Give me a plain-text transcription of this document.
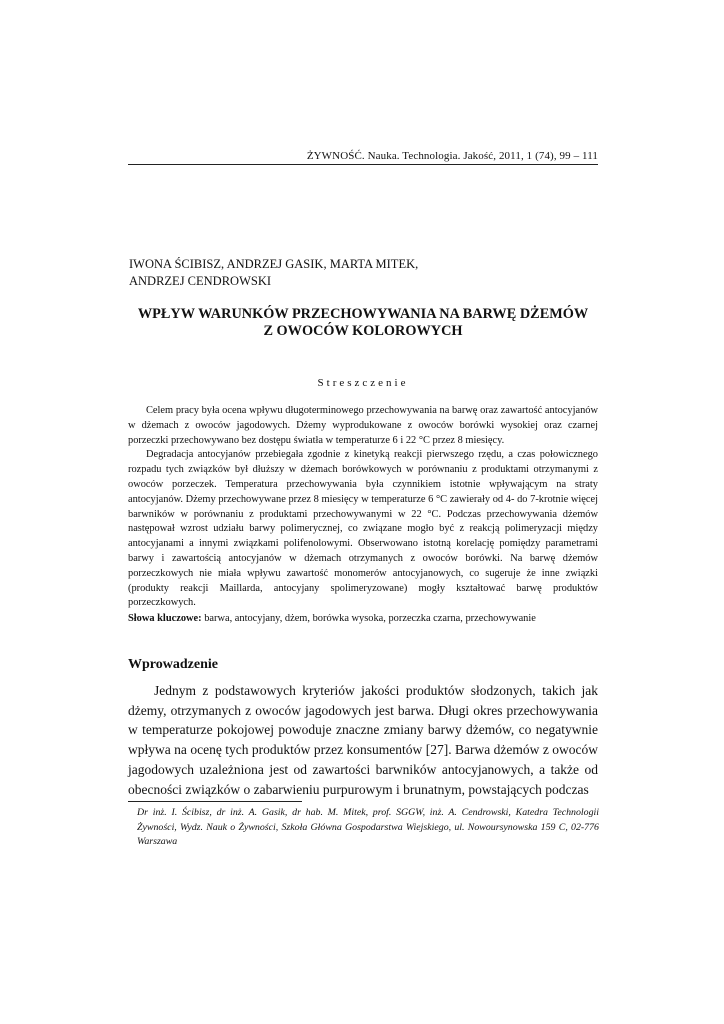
ŻYWNOŚĆ. Nauka. Technologia. Jakość, 2011, 1 (74), 99 – 111
IWONA ŚCIBISZ, ANDRZEJ GASIK, MARTA MITEK,
ANDRZEJ CENDROWSKI
WPŁYW WARUNKÓW PRZECHOWYWANIA NA BARWĘ DŻEMÓW
Z OWOCÓW KOLOROWYCH
Streszczenie

Celem pracy była ocena wpływu długoterminowego przechowywania na barwę oraz zawartość antocyjanów w dżemach z owoców jagodowych. Dżemy wyprodukowane z owoców borówki wysokiej oraz czarnej porzeczki przechowywano bez dostępu światła w temperaturze 6 i 22 °C przez 8 miesięcy.

Degradacja antocyjanów przebiegała zgodnie z kinetyką reakcji pierwszego rzędu, a czas połowicznego rozpadu tych związków był dłuższy w dżemach borówkowych w porównaniu z produktami otrzymanymi z owoców porzeczek. Temperatura przechowywania była czynnikiem istotnie wpływającym na straty antocyjanów. Dżemy przechowywane przez 8 miesięcy w temperaturze 6 °C zawierały od 4- do 7-krotnie więcej barwników w porównaniu z produktami przechowywanymi w 22 °C. Podczas przechowywania dżemów następował wzrost udziału barwy polimerycznej, co związane mogło być z reakcją polimeryzacji między antocyjanami a innymi związkami polifenolowymi. Obserwowano istotną korelację pomiędzy parametrami barwy i zawartością antocyjanów w dżemach otrzymanych z owoców borówki. Na barwę dżemów porzeczkowych nie miała wpływu zawartość monomerów antocyjanowych, co sugeruje że inne związki (produkty reakcji Maillarda, antocyjany spolimeryzowane) mogły kształtować barwę produktów porzeczkowych.

Słowa kluczowe: barwa, antocyjany, dżem, borówka wysoka, porzeczka czarna, przechowywanie
Wprowadzenie

Jednym z podstawowych kryteriów jakości produktów słodzonych, takich jak dżemy, otrzymanych z owoców jagodowych jest barwa. Długi okres przechowywania w temperaturze pokojowej powoduje znaczne zmiany barwy dżemów, co negatywnie wpływa na ocenę tych produktów przez konsumentów [27]. Barwa dżemów z owoców jagodowych uzależniona jest od zawartości barwników antocyjanowych, a także od obecności związków o zabarwieniu purpurowym i brunatnym, powstających podczas

Dr inż. I. Ścibisz, dr inż. A. Gasik, dr hab. M. Mitek, prof. SGGW, inż. A. Cendrowski, Katedra Technologii Żywności, Wydz. Nauk o Żywności, Szkoła Główna Gospodarstwa Wiejskiego, ul. Nowoursynowska 159 C, 02-776 Warszawa
